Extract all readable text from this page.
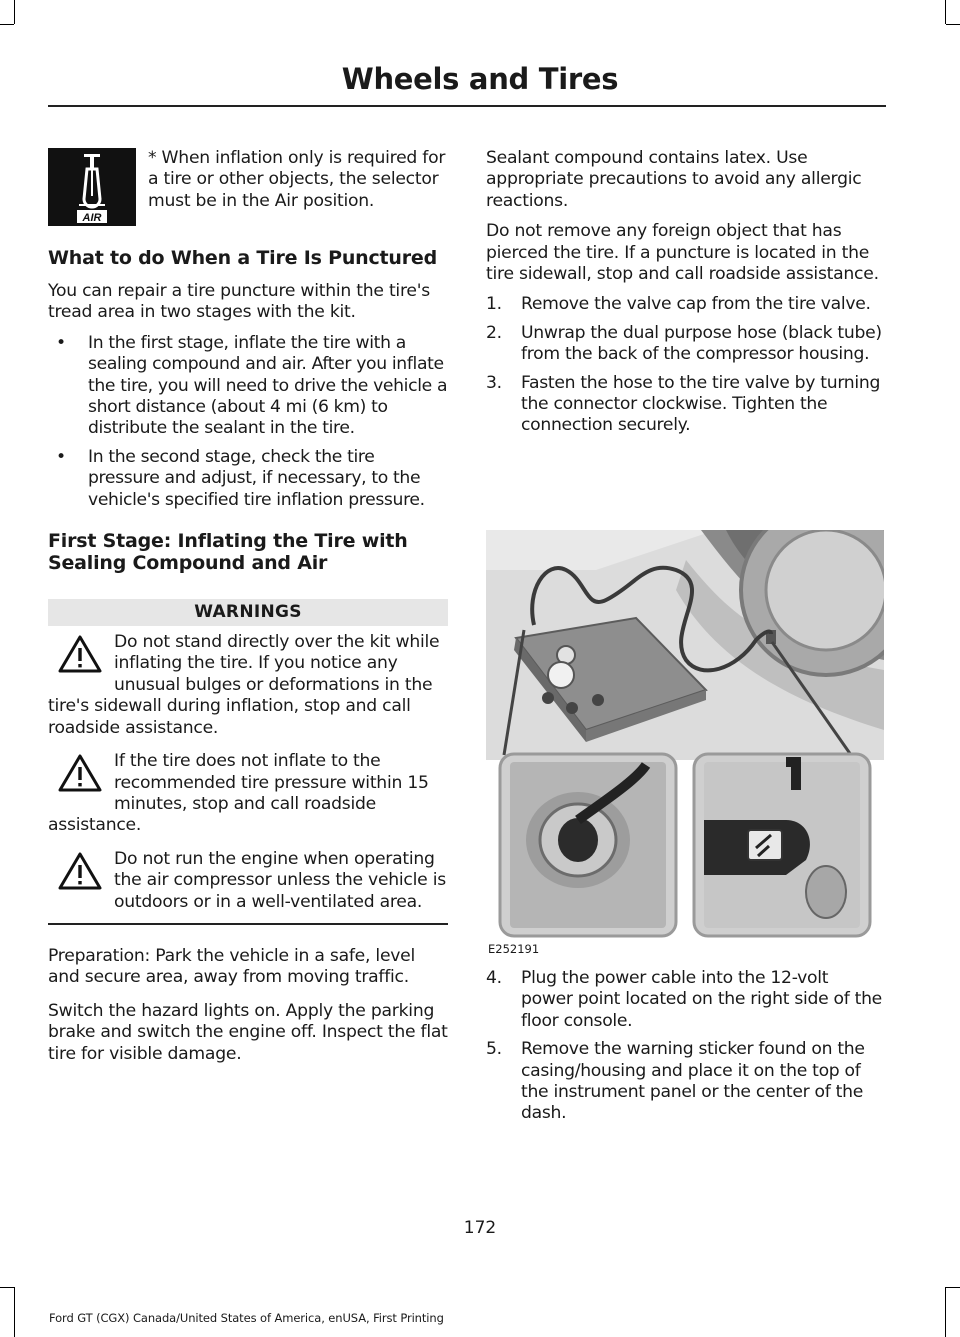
Wheels and Tires
AIR

* When inflation only is required for a tire or other objects, the selector must be in the Air position.

What to do When a Tire Is Punctured

You can repair a tire puncture within the tire's tread area in two stages with the kit.

• In the first stage, inflate the tire with a sealing compound and air. After you inflate the tire, you will need to drive the vehicle a short distance (about 4 mi (6 km) to distribute the sealant in the tire.
• In the second stage, check the tire pressure and adjust, if necessary, to the vehicle's specified tire inflation pressure.
First Stage: Inflating the Tire with Sealing Compound and Air
WARNINGS

Do not stand directly over the kit while inflating the tire. If you notice any unusual bulges or deformations in the tire's sidewall during inflation, stop and call roadside assistance.

If the tire does not inflate to the recommended tire pressure within 15 minutes, stop and call roadside assistance.

Do not run the engine when operating the air compressor unless the vehicle is outdoors or in a well-ventilated area.

Preparation: Park the vehicle in a safe, level and secure area, away from moving traffic.

Switch the hazard lights on. Apply the parking brake and switch the engine off. Inspect the flat tire for visible damage.

Sealant compound contains latex. Use appropriate precautions to avoid any allergic reactions.

Do not remove any foreign object that has pierced the tire. If a puncture is located in the tire sidewall, stop and call roadside assistance.

1. Remove the valve cap from the tire valve.
2. Unwrap the dual purpose hose (black tube) from the back of the compressor housing.
3. Fasten the hose to the tire valve by turning the connector clockwise. Tighten the connection securely.
E252191
4. Plug the power cable into the 12-volt power point located on the right side of the floor console.
5. Remove the warning sticker found on the casing/housing and place it on the top of the instrument panel or the center of the dash.
172
Ford GT (CGX) Canada/United States of America, enUSA, First Printing
